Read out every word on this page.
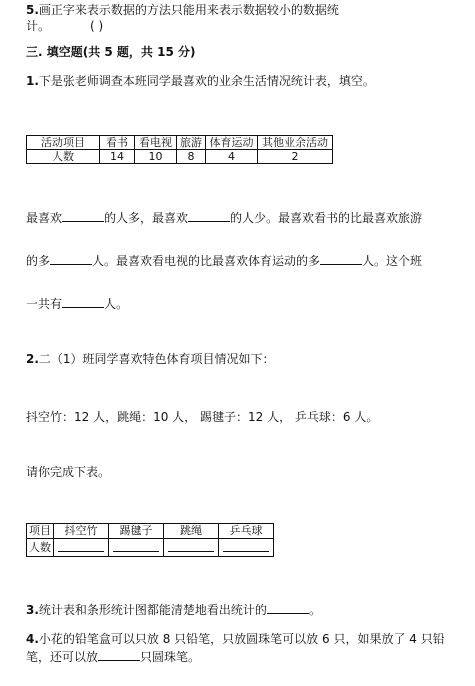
5.画正字来表示数据的方法只能用来表示数据较小的数据统
计。	( )
三. 填空题(共 5 题，共 15 分)
1.下是张老师调查本班同学最喜欢的业余生活情况统计表，填空。
活动项目	看书	看电视	旅游	体育运动	其他业余活动
人数	14	10	8	4	2
最喜欢	的人多，最喜欢	的人少。最喜欢看书的比最喜欢旅游
的多	人。最喜欢看电视的比最喜欢体育运动的多	人。这个班
一共有	人。
2.二（1）班同学喜欢特色体育项目情况如下：
抖空竹：12 人，跳绳：10 人， 踢毽子：12 人， 乒乓球：6 人。
请你完成下表。
项目	抖空竹	踢毽子	跳绳	乒乓球
人数				
3.统计表和条形统计图都能清楚地看出统计的	。
4.小花的铅笔盒可以只放 8 只铅笔，只放圆珠笔可以放 6 只，如果放了 4 只铅
笔，还可以放	只圆珠笔。
